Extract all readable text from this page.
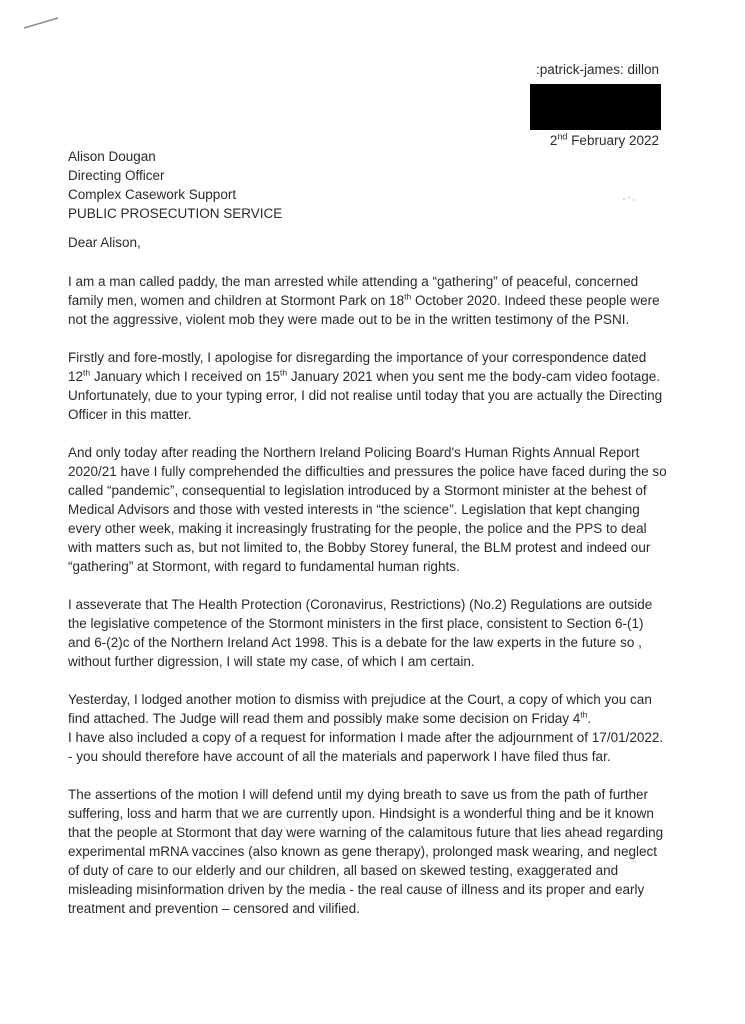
:patrick-james: dillon
2nd February 2022
Alison Dougan
Directing Officer
Complex Casework Support
PUBLIC PROSECUTION SERVICE
Dear Alison,

I am a man called paddy, the man arrested while attending a “gathering” of peaceful, concerned family men, women and children at Stormont Park on 18th October 2020. Indeed these people were not the aggressive, violent mob they were made out to be in the written testimony of the PSNI.

Firstly and fore-mostly, I apologise for disregarding the importance of your correspondence dated 12th January which I received on 15th January 2021 when you sent me the body-cam video footage. Unfortunately, due to your typing error, I did not realise until today that you are actually the Directing Officer in this matter.

And only today after reading the Northern Ireland Policing Board's Human Rights Annual Report 2020/21 have I fully comprehended the difficulties and pressures the police have faced during the so called “pandemic”, consequential to legislation introduced by a Stormont minister at the behest of Medical Advisors and those with vested interests in “the science”. Legislation that kept changing every other week, making it increasingly frustrating for the people, the police and the PPS to deal with matters such as, but not limited to, the Bobby Storey funeral, the BLM protest and indeed our “gathering” at Stormont, with regard to fundamental human rights.

I asseverate that The Health Protection (Coronavirus, Restrictions) (No.2) Regulations are outside the legislative competence of the Stormont ministers in the first place, consistent to Section 6-(1) and 6-(2)c of the Northern Ireland Act 1998. This is a debate for the law experts in the future so , without further digression, I will state my case, of which I am certain.

Yesterday, I lodged another motion to dismiss with prejudice at the Court, a copy of which you can find attached. The Judge will read them and possibly make some decision on Friday 4th.
I have also included a copy of a request for information I made after the adjournment of 17/01/2022. - you should therefore have account of all the materials and paperwork I have filed thus far.

The assertions of the motion I will defend until my dying breath to save us from the path of further suffering, loss and harm that we are currently upon. Hindsight is a wonderful thing and be it known that the people at Stormont that day were warning of the calamitous future that lies ahead regarding experimental mRNA vaccines (also known as gene therapy), prolonged mask wearing, and neglect of duty of care to our elderly and our children, all based on skewed testing, exaggerated and misleading misinformation driven by the media - the real cause of illness and its proper and early treatment and prevention – censored and vilified.
